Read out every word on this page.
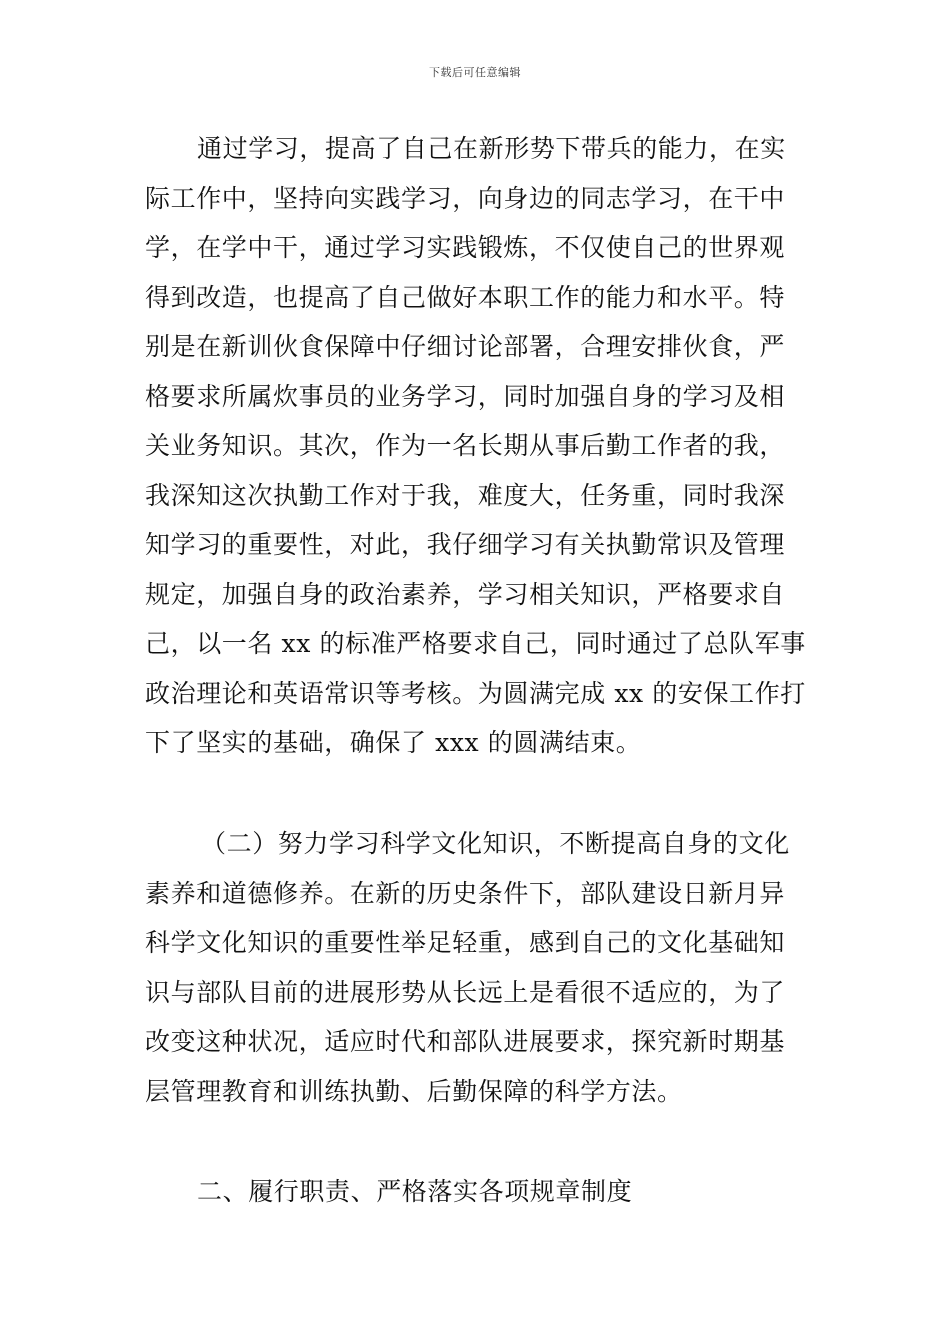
下载后可任意编辑
通过学习，提高了自己在新形势下带兵的能力，在实
际工作中，坚持向实践学习，向身边的同志学习，在干中
学，在学中干，通过学习实践锻炼，不仅使自己的世界观
得到改造，也提高了自己做好本职工作的能力和水平。特
别是在新训伙食保障中仔细讨论部署，合理安排伙食，严
格要求所属炊事员的业务学习，同时加强自身的学习及相
关业务知识。其次，作为一名长期从事后勤工作者的我，
我深知这次执勤工作对于我，难度大，任务重，同时我深
知学习的重要性，对此，我仔细学习有关执勤常识及管理
规定，加强自身的政治素养，学习相关知识，严格要求自
己，以一名 xx 的标准严格要求自己，同时通过了总队军事
政治理论和英语常识等考核。为圆满完成 xx 的安保工作打
下了坚实的基础，确保了 xxx 的圆满结束。
（二）努力学习科学文化知识，不断提高自身的文化
素养和道德修养。在新的历史条件下，部队建设日新月异
科学文化知识的重要性举足轻重，感到自己的文化基础知
识与部队目前的进展形势从长远上是看很不适应的，为了
改变这种状况，适应时代和部队进展要求，探究新时期基
层管理教育和训练执勤、后勤保障的科学方法。
二、履行职责、严格落实各项规章制度
